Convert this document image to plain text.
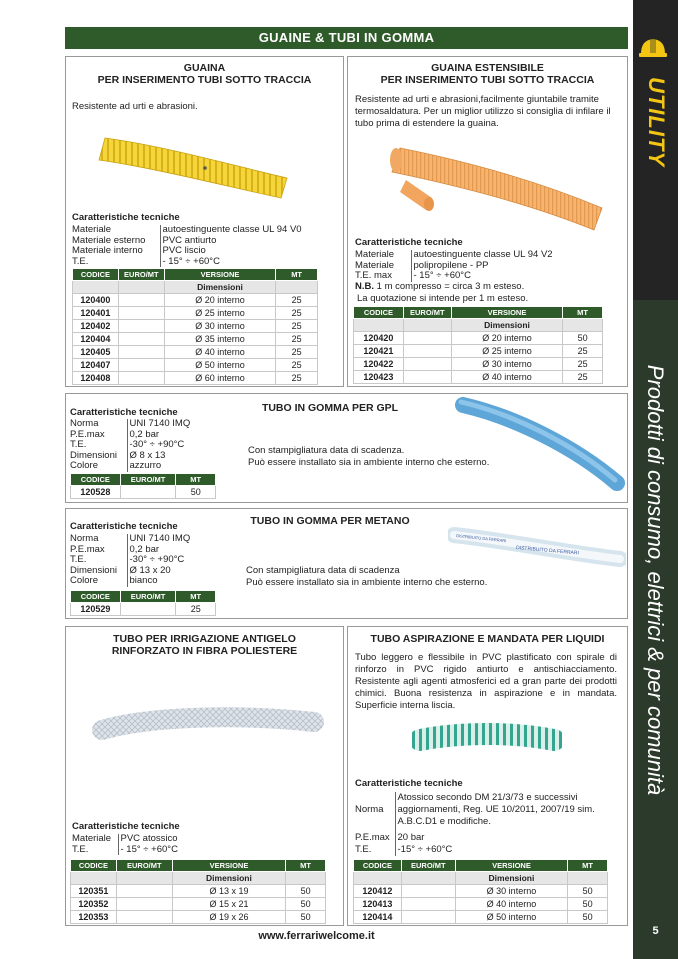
GUAINE & TUBI IN GOMMA
UTILITY
Prodotti di consumo, elettrici & per comunità
5
GUAINA
PER INSERIMENTO TUBI SOTTO TRACCIA
Resistente ad urti e abrasioni.
Caratteristiche tecniche
Materiale	autoestinguente classe UL 94 V0
Materiale esterno	PVC antiurto
Materiale interno	PVC liscio
T.E.	- 15° ÷ +60°C
CODICE	EURO/MT	VERSIONE	MT
		Dimensioni	
120400		Ø 20 interno	25
120401		Ø 25 interno	25
120402		Ø 30 interno	25
120404		Ø 35 interno	25
120405		Ø 40 interno	25
120407		Ø 50 interno	25
120408		Ø 60 interno	25
GUAINA ESTENSIBILE
PER INSERIMENTO TUBI SOTTO TRACCIA
Resistente ad urti e abrasioni,facilmente giuntabile tramite termosaldatura. Per un miglior utilizzo si consiglia di infilare il tubo prima di estendere la guaina.
Caratteristiche tecniche
Materiale	autoestinguente classe UL 94 V2
Materiale	polipropilene - PP
T.E. max	- 15° ÷ +60°C
N.B. 1 m compresso = circa 3 m esteso.
La quotazione si intende per 1 m esteso.
CODICE	EURO/MT	VERSIONE	MT
		Dimensioni	
120420		Ø 20 interno	50
120421		Ø 25 interno	25
120422		Ø 30 interno	25
120423		Ø 40 interno	25
TUBO IN GOMMA PER GPL
Caratteristiche tecniche
Norma	UNI 7140 IMQ
P.E.max	0,2 bar
T.E.	-30° ÷ +90°C
Dimensioni	Ø 8 x 13
Colore	azzurro
Con stampigliatura data di scadenza.
Può essere installato sia in ambiente interno che esterno.
CODICE	EURO/MT	MT
120528		50
TUBO IN GOMMA PER METANO
Caratteristiche tecniche
Norma	UNI 7140 IMQ
P.E.max	0,2 bar
T.E.	-30° ÷ +90°C
Dimensioni	Ø 13 x 20
Colore	bianco
Con stampigliatura data di scadenza
Può essere installato sia in ambiente interno che esterno.
DISTRIBUITO DA FERRARI
DISTRIBUITO DA FERRARI
CODICE	EURO/MT	MT
120529		25
TUBO PER IRRIGAZIONE ANTIGELO
RINFORZATO IN FIBRA POLIESTERE
Caratteristiche tecniche
Materiale	PVC atossico
T.E.	- 15° ÷ +60°C
CODICE	EURO/MT	VERSIONE	MT
		Dimensioni	
120351		Ø 13 x 19	50
120352		Ø 15 x 21	50
120353		Ø 19 x 26	50
TUBO ASPIRAZIONE E MANDATA PER LIQUIDI
Tubo leggero e flessibile in PVC plastificato con spirale di rinforzo in PVC rigido antiurto e antischiacciamento. Resistente agli agenti atmosferici ed a gran parte dei prodotti chimici. Buona resistenza in aspirazione e in mandata. Superficie interna liscia.
Caratteristiche tecniche
Norma	Atossico secondo DM 21/3/73 e successivi aggiornamenti, Reg. UE 10/2011, 2007/19 sim. A.B.C.D1 e modifiche.
P.E.max	20 bar
T.E.	-15° ÷ +60°C
CODICE	EURO/MT	VERSIONE	MT
		Dimensioni	
120412		Ø 30 interno	50
120413		Ø 40 interno	50
120414		Ø 50 interno	50
www.ferrariwelcome.it
